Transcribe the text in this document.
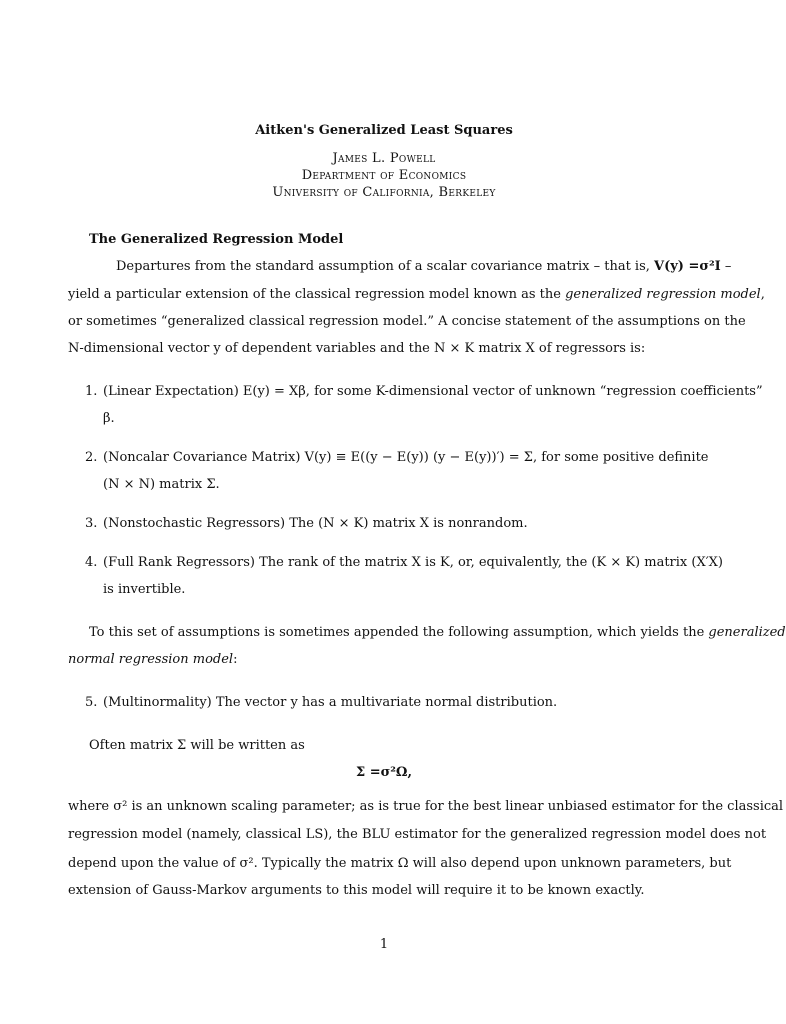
Aitken's Generalized Least Squares
James L. Powell
Department of Economics
University of California, Berkeley
The Generalized Regression Model
Departures from the standard assumption of a scalar covariance matrix – that is, V(y) =σ²I –
yield a particular extension of the classical regression model known as the generalized regression model,
or sometimes “generalized classical regression model.” A concise statement of the assumptions on the
N-dimensional vector y of dependent variables and the N × K matrix X of regressors is:
1. (Linear Expectation) E(y) = Xβ, for some K-dimensional vector of unknown “regression coefficients”
β.
2. (Noncalar Covariance Matrix) V(y) ≡ E((y − E(y)) (y − E(y))′) = Σ, for some positive definite
(N × N) matrix Σ.
3. (Nonstochastic Regressors) The (N × K) matrix X is nonrandom.
4. (Full Rank Regressors) The rank of the matrix X is K, or, equivalently, the (K × K) matrix (X′X)
is invertible.
To this set of assumptions is sometimes appended the following assumption, which yields the generalized
normal regression model:
5. (Multinormality) The vector y has a multivariate normal distribution.
Often matrix Σ will be written as
Σ =σ²Ω,
where σ² is an unknown scaling parameter; as is true for the best linear unbiased estimator for the classical
regression model (namely, classical LS), the BLU estimator for the generalized regression model does not
depend upon the value of σ². Typically the matrix Ω will also depend upon unknown parameters, but
extension of Gauss-Markov arguments to this model will require it to be known exactly.
1
